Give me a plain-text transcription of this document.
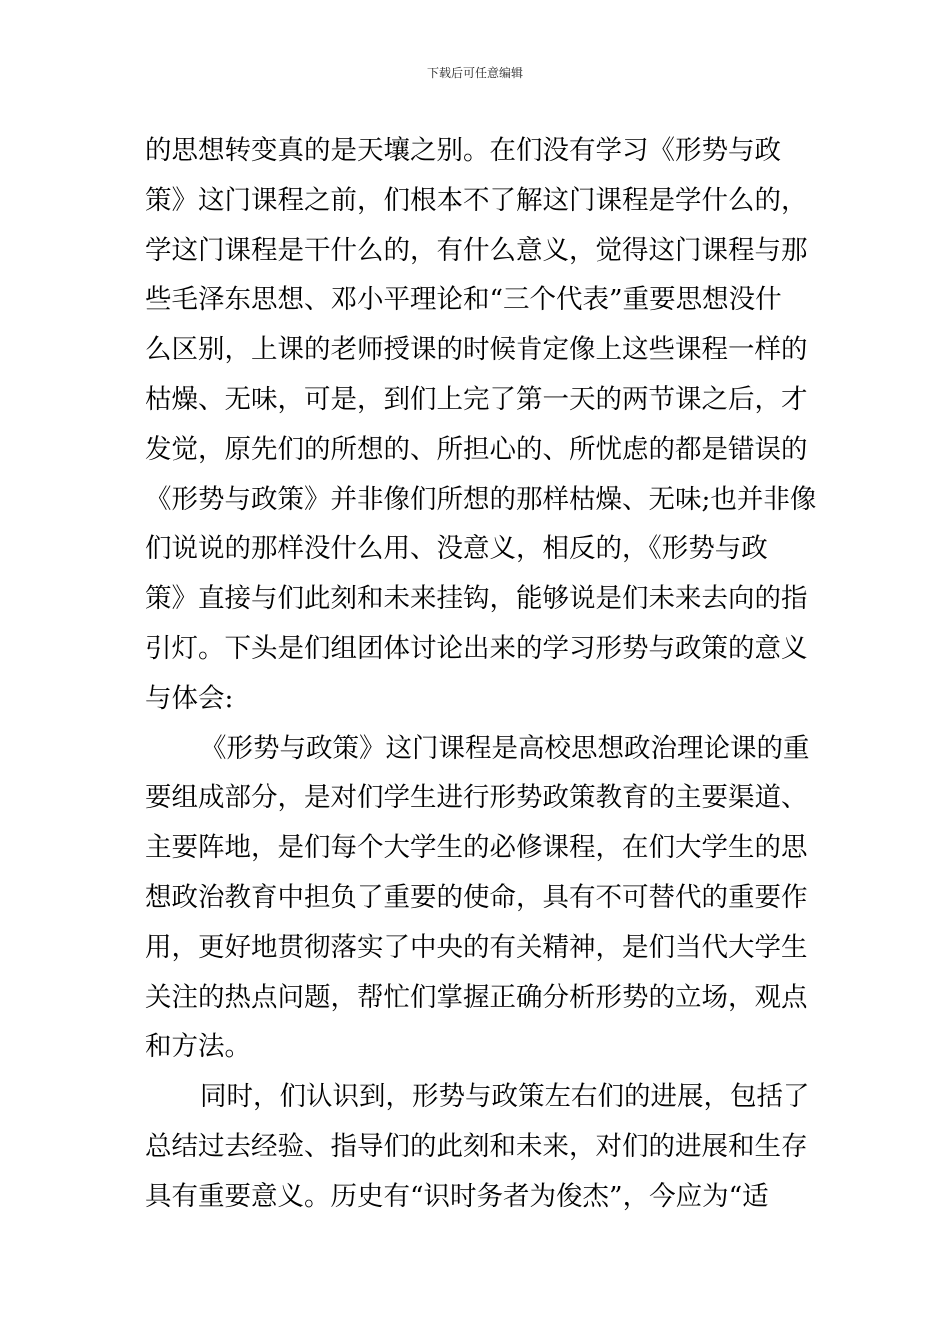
下载后可任意编辑
的思想转变真的是天壤之别。在们没有学习《形势与政
策》这门课程之前，们根本不了解这门课程是学什么的，
学这门课程是干什么的，有什么意义，觉得这门课程与那
些毛泽东思想、邓小平理论和“三个代表”重要思想没什
么区别，上课的老师授课的时候肯定像上这些课程一样的
枯燥、无味，可是，到们上完了第一天的两节课之后，才
发觉，原先们的所想的、所担心的、所忧虑的都是错误的
《形势与政策》并非像们所想的那样枯燥、无味;也并非像
们说说的那样没什么用、没意义，相反的，《形势与政
策》直接与们此刻和未来挂钩，能够说是们未来去向的指
引灯。下头是们组团体讨论出来的学习形势与政策的意义
与体会:
《形势与政策》这门课程是高校思想政治理论课的重
要组成部分，是对们学生进行形势政策教育的主要渠道、
主要阵地，是们每个大学生的必修课程，在们大学生的思
想政治教育中担负了重要的使命，具有不可替代的重要作
用，更好地贯彻落实了中央的有关精神，是们当代大学生
关注的热点问题，帮忙们掌握正确分析形势的立场，观点
和方法。
同时，们认识到，形势与政策左右们的进展，包括了
总结过去经验、指导们的此刻和未来，对们的进展和生存
具有重要意义。历史有“识时务者为俊杰”，今应为“适
